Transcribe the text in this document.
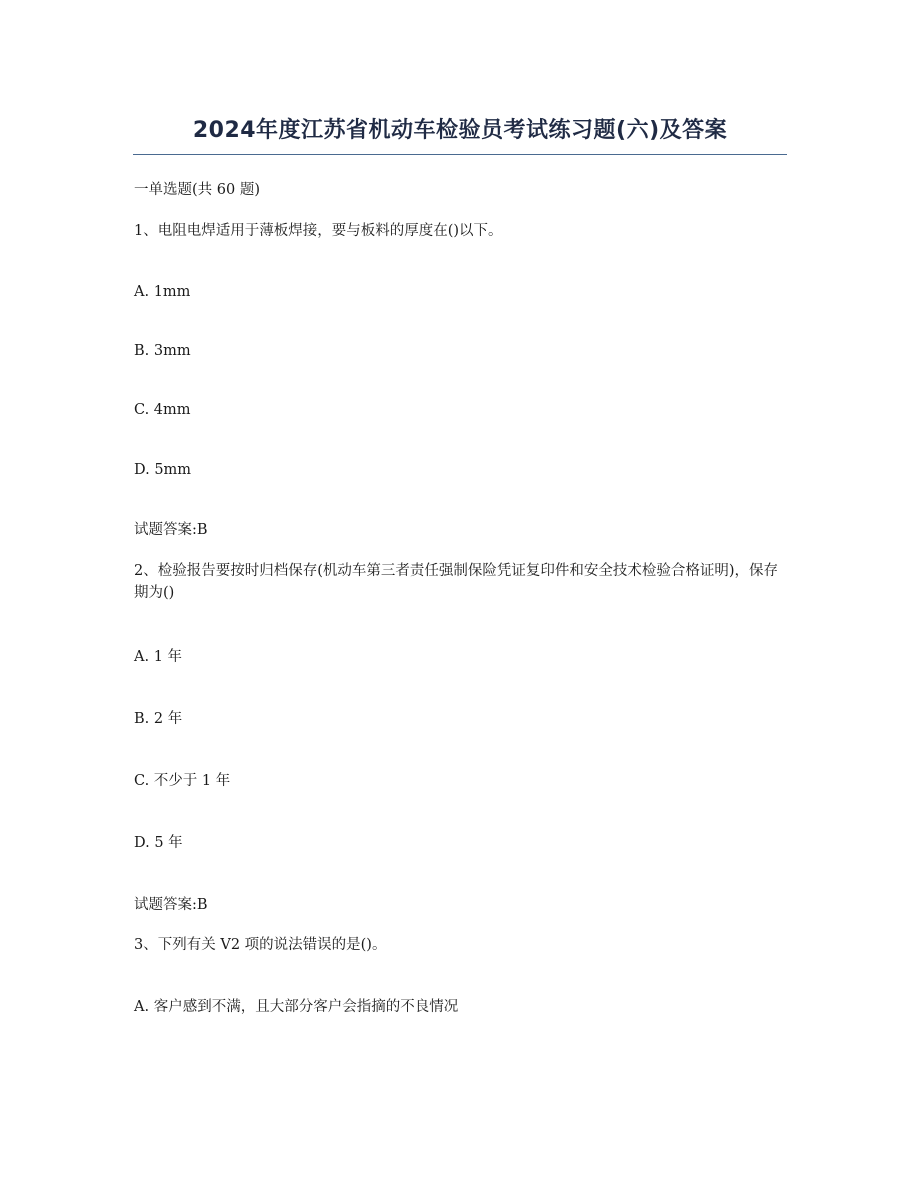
2024年度江苏省机动车检验员考试练习题(六)及答案

一单选题(共 60 题)

1、电阻电焊适用于薄板焊接，要与板料的厚度在()以下。

A. 1mm

B. 3mm

C. 4mm

D. 5mm

试题答案:B

2、检验报告要按时归档保存(机动车第三者责任强制保险凭证复印件和安全技术检验合格证明)，保存期为()

A. 1 年

B. 2 年

C. 不少于 1 年

D. 5 年

试题答案:B

3、下列有关 V2 项的说法错误的是()。

A. 客户感到不满，且大部分客户会指摘的不良情况
